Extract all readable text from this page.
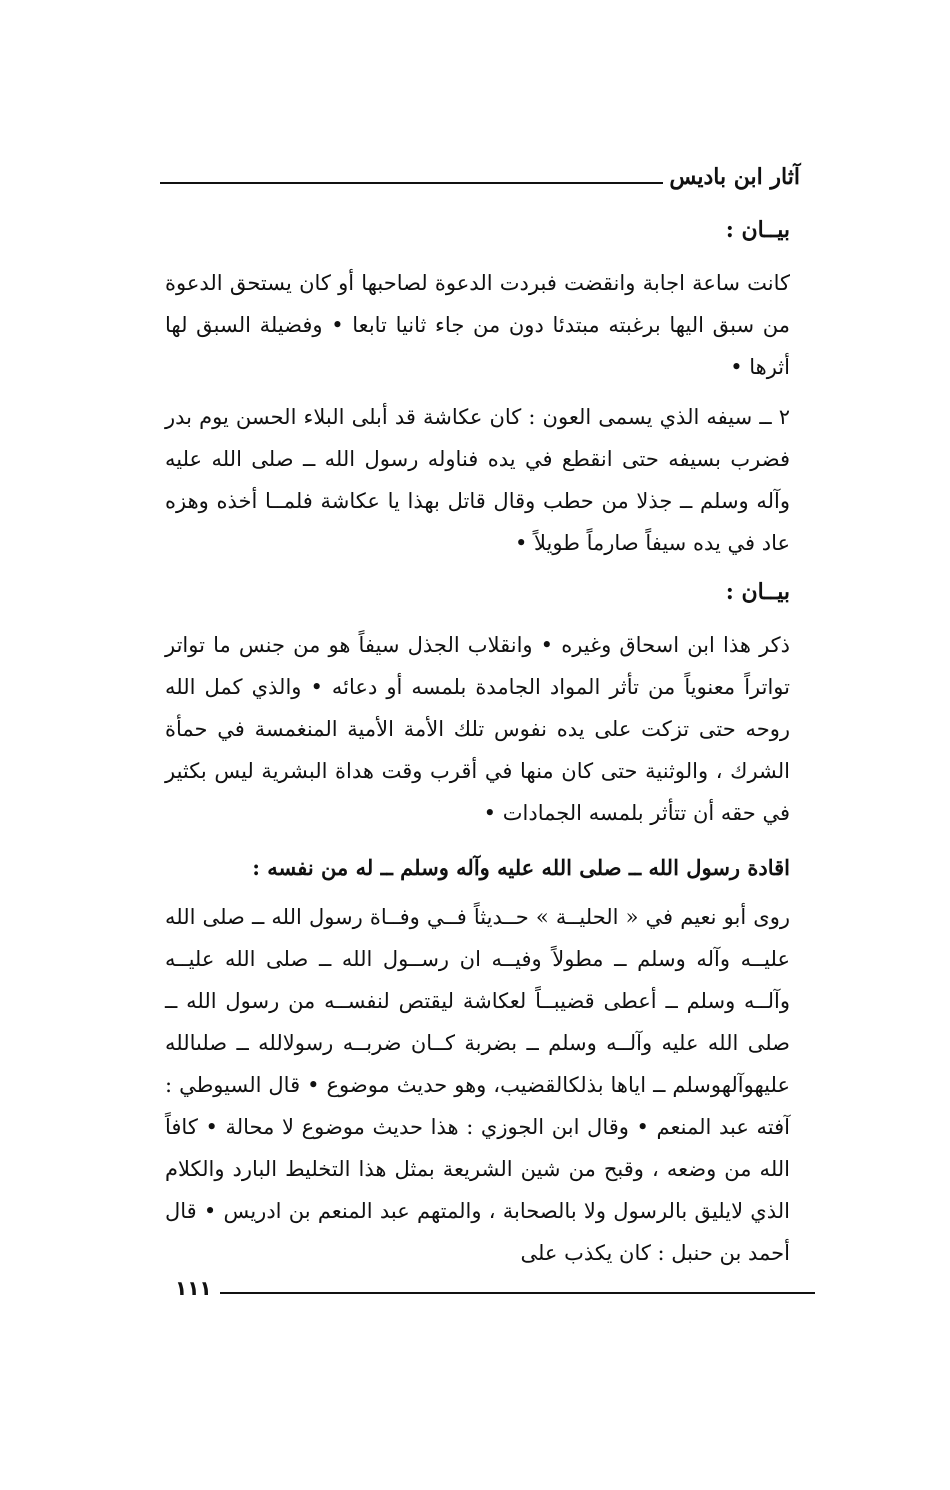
آثار ابن باديس
بيــان :

كانت ساعة اجابة وانقضت فبردت الدعوة لصاحبها أو كان يستحق الدعوة من سبق اليها برغبته مبتدئا دون من جاء ثانيا تابعا • وفضيلة السبق لها أثرها •

٢ ــ سيفه الذي يسمى العون : كان عكاشة قد أبلى البلاء الحسن يوم بدر فضرب بسيفه حتى انقطع في يده فناوله رسول الله ــ صلى الله عليه وآله وسلم ــ جذلا من حطب وقال قاتل بهذا يا عكاشة فلمــا أخذه وهزه عاد في يده سيفاً صارماً طويلاً •

بيــان :

ذكر هذا ابن اسحاق وغيره • وانقلاب الجذل سيفاً هو من جنس ما تواتر تواتراً معنوياً من تأثر المواد الجامدة بلمسه أو دعائه • والذي كمل الله روحه حتى تزكت على يده نفوس تلك الأمة الأمية المنغمسة في حمأة الشرك ، والوثنية حتى كان منها في أقرب وقت هداة البشرية ليس بكثير في حقه أن تتأثر بلمسه الجمادات •

اقادة رسول الله ــ صلى الله عليه وآله وسلم ــ له من نفسه :

روى أبو نعيم في « الحليــة » حــديثاً فــي وفــاة رسول الله ــ صلى الله عليــه وآله وسلم ــ مطولاً وفيــه ان رســول الله ــ صلى الله عليــه وآلــه وسلم ــ أعطى قضيبــاً لعكاشة ليقتص لنفســه من رسول الله ــ صلى الله عليه وآلــه وسلم ــ بضربة كــان ضربــه رسولالله ــ صلىالله عليهوآلهوسلم ــ اياها بذلكالقضيب، وهو حديث موضوع • قال السيوطي : آفته عبد المنعم • وقال ابن الجوزي : هذا حديث موضوع لا محالة • كافاً الله من وضعه ، وقبح من شين الشريعة بمثل هذا التخليط البارد والكلام الذي لايليق بالرسول ولا بالصحابة ، والمتهم عبد المنعم بن ادريس • قال أحمد بن حنبل : كان يكذب على

١١١
